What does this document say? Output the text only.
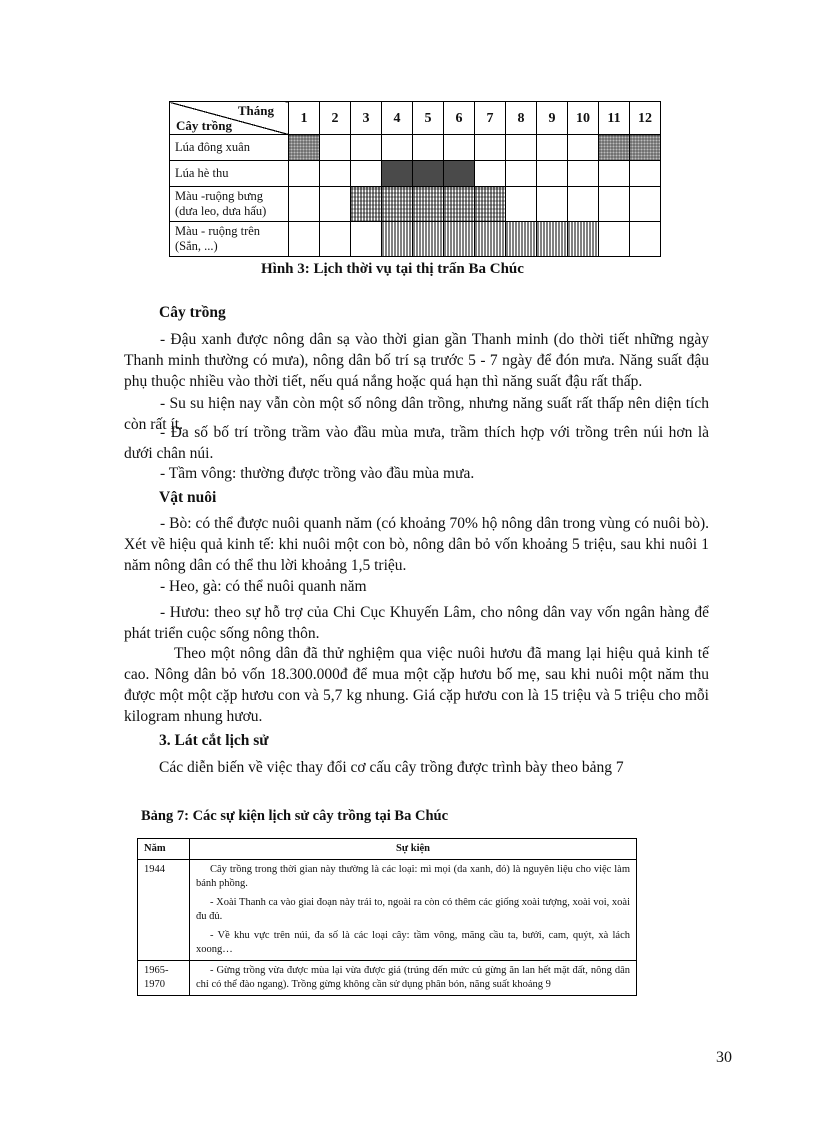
Tháng
Cây trồng	1	2	3	4	5	6	7	8	9	10	11	12
Lúa đông xuân												
Lúa hè thu												
Màu -ruộng bưng (dưa leo, dưa hấu)												
Màu - ruộng trên (Sắn, ...)												
Hình 3: Lịch thời vụ tại thị trấn Ba Chúc
Cây trồng
- Đậu xanh được nông dân sạ vào thời gian gần Thanh minh (do thời tiết những ngày Thanh minh thường có mưa), nông dân bố trí sạ trước 5 - 7 ngày để đón mưa. Năng suất đậu phụ thuộc nhiều vào thời tiết, nếu quá nắng hoặc quá hạn thì năng suất đậu rất thấp.
- Su su hiện nay vẫn còn một số nông dân trồng, nhưng năng suất rất thấp nên diện tích còn rất ít.
- Đa số bố trí trồng trầm vào đầu mùa mưa, trầm thích hợp với trồng trên núi hơn là dưới chân núi.
- Tầm vông: thường được trồng vào đầu mùa mưa.
Vật nuôi
- Bò: có thể được nuôi quanh năm (có khoảng 70% hộ nông dân trong vùng có nuôi bò). Xét về hiệu quả kinh tế: khi nuôi một con bò, nông dân bỏ vốn khoảng 5 triệu, sau khi nuôi 1 năm nông dân có thể thu lời khoảng 1,5 triệu.
- Heo, gà: có thể nuôi quanh năm
- Hươu: theo sự hỗ trợ của Chi Cục Khuyến Lâm, cho nông dân vay vốn ngân hàng để phát triển cuộc sống nông thôn.
Theo một nông dân đã thử nghiệm qua việc nuôi hươu đã mang lại hiệu quả kinh tế cao. Nông dân bỏ vốn 18.300.000đ để mua một cặp hươu bố mẹ, sau khi nuôi một năm thu được một một cặp hươu con và 5,7 kg nhung. Giá cặp hươu con là 15 triệu và 5 triệu cho mỗi kilogram nhung hươu.
3. Lát cắt lịch sử
Các diễn biến về việc thay đổi cơ cấu cây trồng được trình bày theo bảng 7
Bảng 7: Các sự kiện lịch sử cây trồng tại Ba Chúc
Năm	Sự kiện
1944	Cây trồng trong thời gian này thường là các loại: mì mọi (da xanh, đỏ) là nguyên liệu cho việc làm bánh phồng.

- Xoài Thanh ca vào giai đoạn này trái to, ngoài ra còn có thêm các giống xoài tượng, xoài voi, xoài đu đủ.

- Về khu vực trên núi, đa số là các loại cây: tầm vông, mãng cầu ta, bưởi, cam, quýt, xà lách xoong…

1965-1970	- Gừng trồng vừa được mùa lại vừa được giá (trúng đến mức củ gừng ăn lan hết mặt đất, nông dân chỉ có thể đào ngang). Trồng gừng không cần sử dụng phân bón, năng suất khoảng 9

30
